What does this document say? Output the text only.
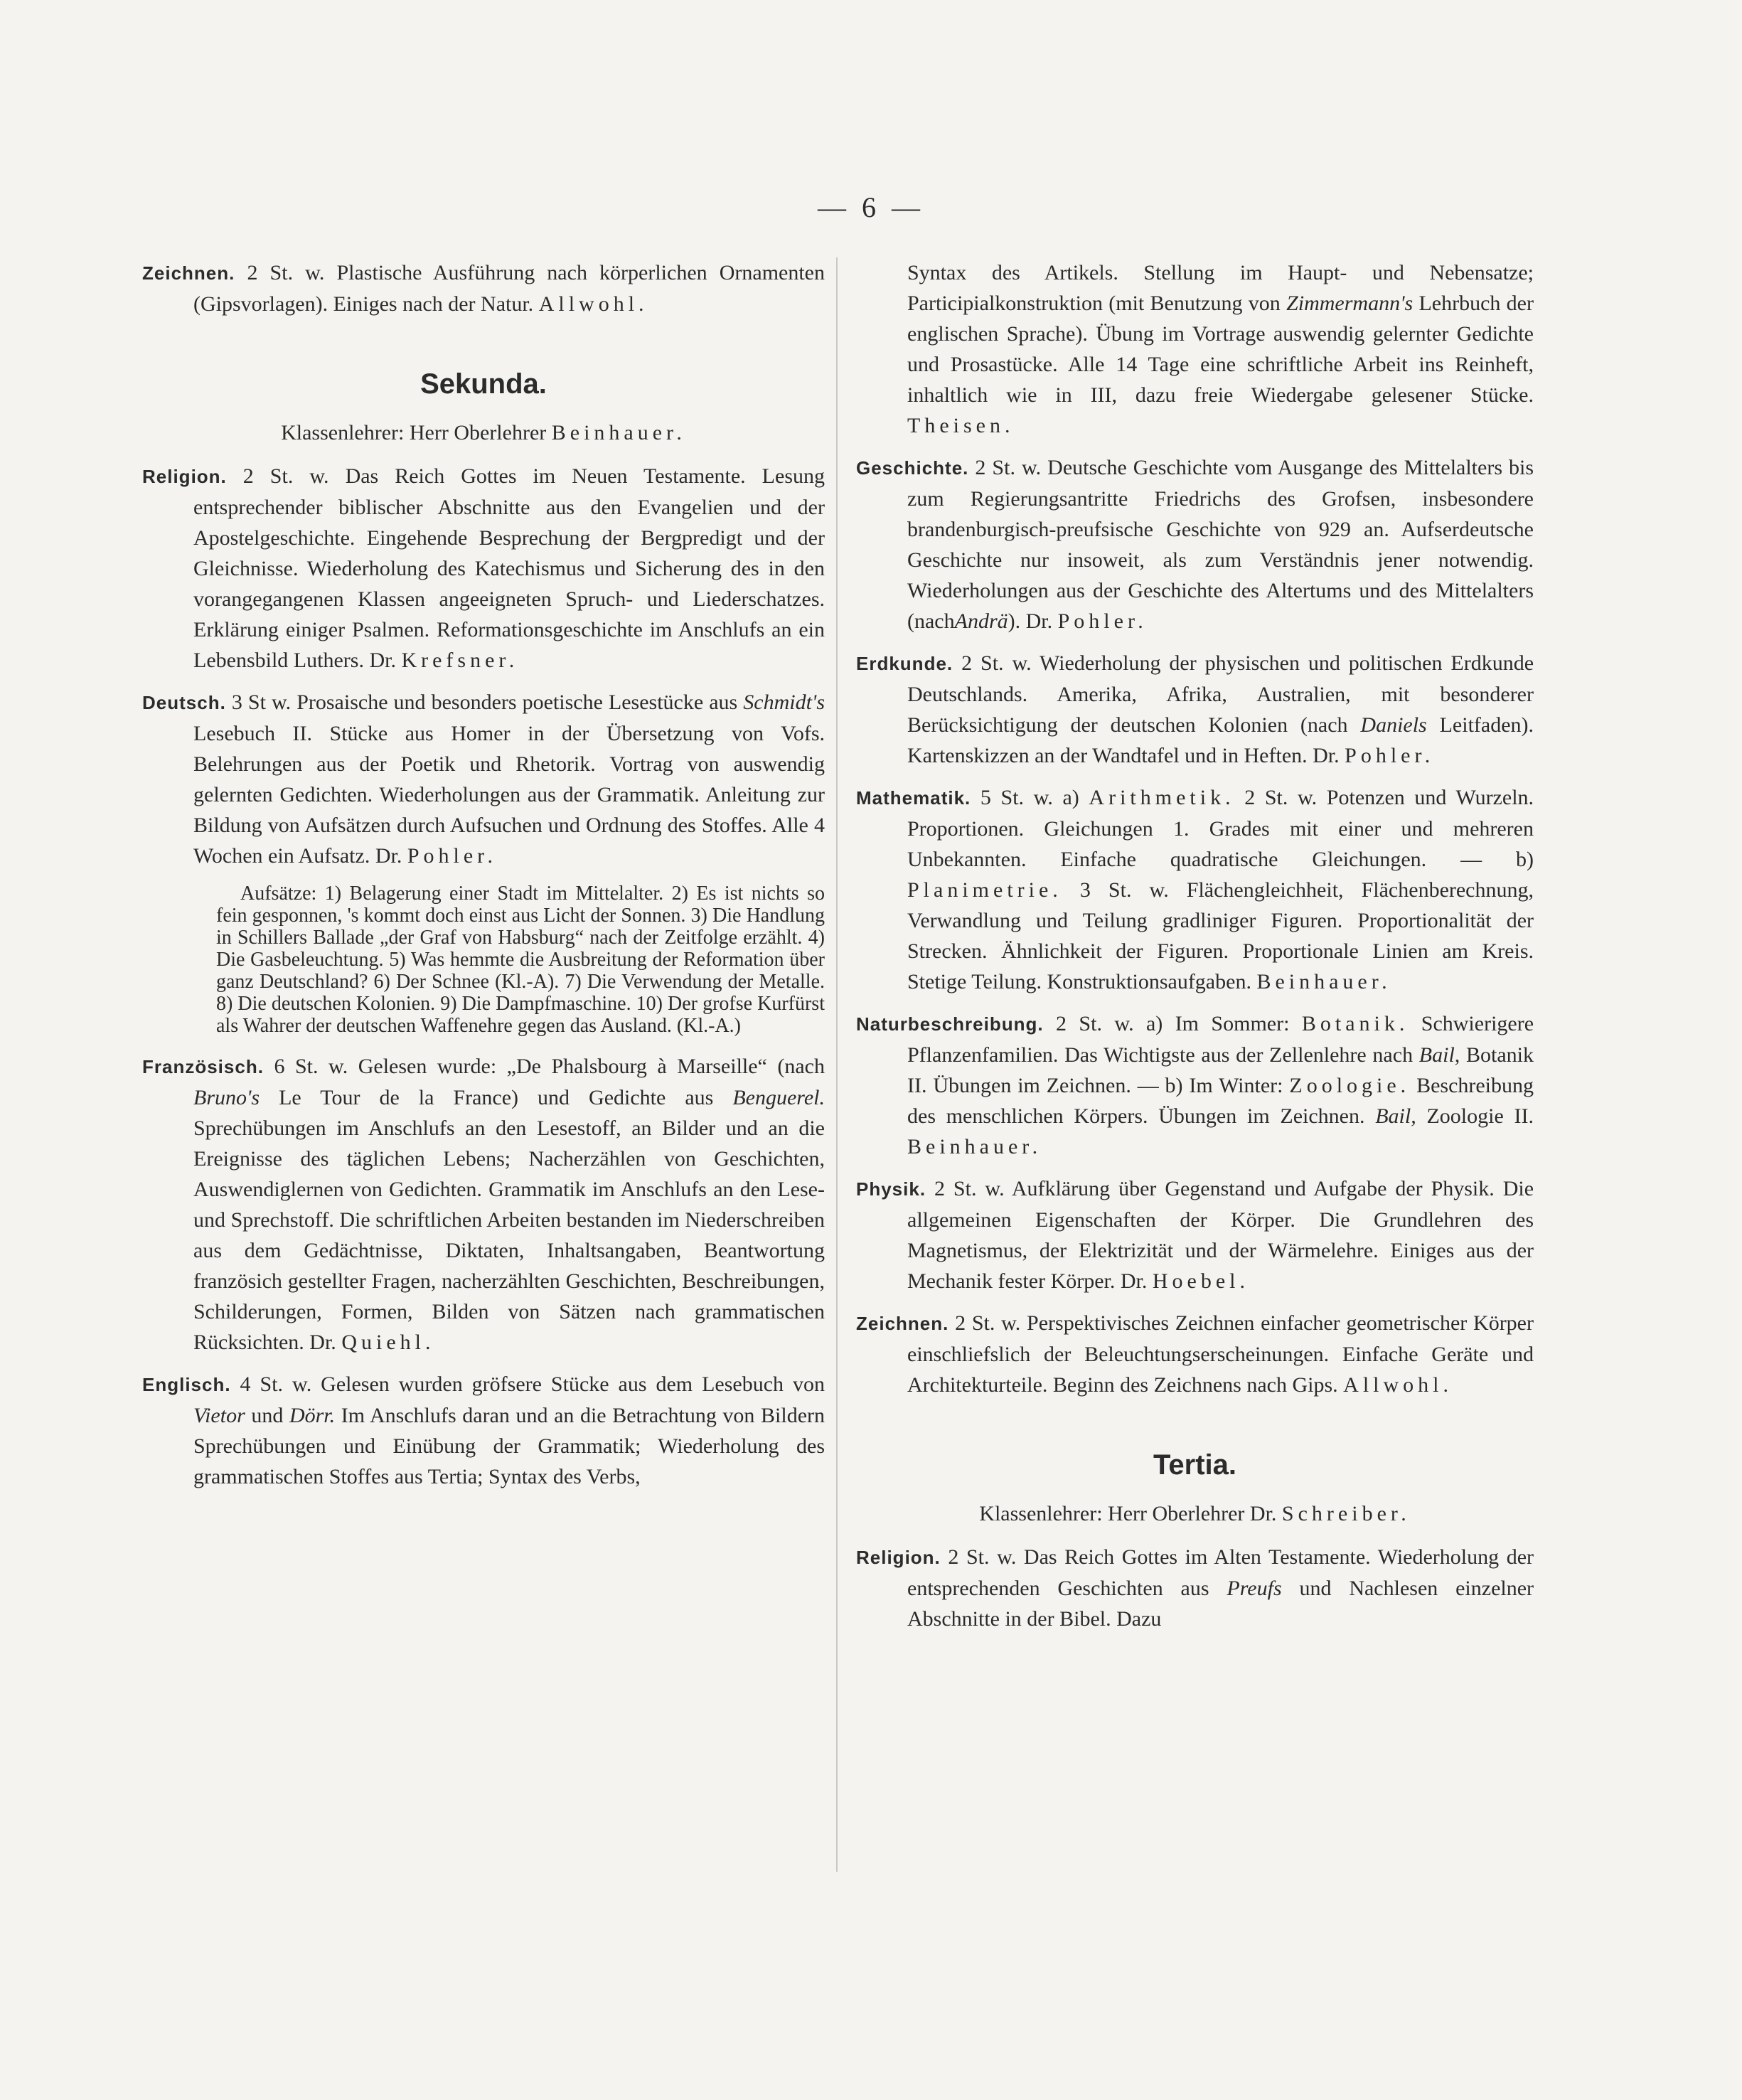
— 6 —

Zeichnen. 2 St. w. Plastische Ausführung nach körperlichen Ornamenten (Gipsvorlagen). Einiges nach der Natur. Allwohl.

Sekunda.

Klassenlehrer: Herr Oberlehrer Beinhauer.

Religion. 2 St. w. Das Reich Gottes im Neuen Testamente. Lesung entsprechender biblischer Abschnitte aus den Evangelien und der Apostelgeschichte. Eingehende Besprechung der Bergpredigt und der Gleichnisse. Wiederholung des Katechismus und Sicherung des in den vorangegangenen Klassen angeeigneten Spruch- und Liederschatzes. Erklärung einiger Psalmen. Reformationsgeschichte im Anschlufs an ein Lebensbild Luthers. Dr. Krefsner.

Deutsch. 3 St w. Prosaische und besonders poetische Lesestücke aus Schmidt's Lesebuch II. Stücke aus Homer in der Übersetzung von Vofs. Belehrungen aus der Poetik und Rhetorik. Vortrag von auswendig gelernten Gedichten. Wiederholungen aus der Grammatik. Anleitung zur Bildung von Aufsätzen durch Aufsuchen und Ordnung des Stoffes. Alle 4 Wochen ein Aufsatz. Dr. Pohler.

Aufsätze: 1) Belagerung einer Stadt im Mittelalter. 2) Es ist nichts so fein gesponnen, 's kommt doch einst aus Licht der Sonnen. 3) Die Handlung in Schillers Ballade „der Graf von Habsburg“ nach der Zeitfolge erzählt. 4) Die Gasbeleuchtung. 5) Was hemmte die Ausbreitung der Reformation über ganz Deutschland? 6) Der Schnee (Kl.-A). 7) Die Verwendung der Metalle. 8) Die deutschen Kolonien. 9) Die Dampfmaschine. 10) Der grofse Kurfürst als Wahrer der deutschen Waffenehre gegen das Ausland. (Kl.-A.)

Französisch. 6 St. w. Gelesen wurde: „De Phalsbourg à Marseille“ (nach Bruno's Le Tour de la France) und Gedichte aus Benguerel. Sprechübungen im Anschlufs an den Lesestoff, an Bilder und an die Ereignisse des täglichen Lebens; Nacherzählen von Geschichten, Auswendiglernen von Gedichten. Grammatik im Anschlufs an den Lese- und Sprechstoff. Die schriftlichen Arbeiten bestanden im Niederschreiben aus dem Gedächtnisse, Diktaten, Inhaltsangaben, Beantwortung französich gestellter Fragen, nacherzählten Geschichten, Beschreibungen, Schilderungen, Formen, Bilden von Sätzen nach grammatischen Rücksichten. Dr. Quiehl.

Englisch. 4 St. w. Gelesen wurden gröfsere Stücke aus dem Lesebuch von Vietor und Dörr. Im Anschlufs daran und an die Betrachtung von Bildern Sprechübungen und Einübung der Grammatik; Wiederholung des grammatischen Stoffes aus Tertia; Syntax des Verbs,

Syntax des Artikels. Stellung im Haupt- und Nebensatze; Participialkonstruktion (mit Benutzung von Zimmermann's Lehrbuch der englischen Sprache). Übung im Vortrage auswendig gelernter Gedichte und Prosastücke. Alle 14 Tage eine schriftliche Arbeit ins Reinheft, inhaltlich wie in III, dazu freie Wiedergabe gelesener Stücke. Theisen.

Geschichte. 2 St. w. Deutsche Geschichte vom Ausgange des Mittelalters bis zum Regierungsantritte Friedrichs des Grofsen, insbesondere brandenburgisch-preufsische Geschichte von 929 an. Aufserdeutsche Geschichte nur insoweit, als zum Verständnis jener notwendig. Wiederholungen aus der Geschichte des Altertums und des Mittelalters (nachAndrä). Dr. Pohler.

Erdkunde. 2 St. w. Wiederholung der physischen und politischen Erdkunde Deutschlands. Amerika, Afrika, Australien, mit besonderer Berücksichtigung der deutschen Kolonien (nach Daniels Leitfaden). Kartenskizzen an der Wandtafel und in Heften. Dr. Pohler.

Mathematik. 5 St. w. a) Arithmetik. 2 St. w. Potenzen und Wurzeln. Proportionen. Gleichungen 1. Grades mit einer und mehreren Unbekannten. Einfache quadratische Gleichungen. — b) Planimetrie. 3 St. w. Flächengleichheit, Flächenberechnung, Verwandlung und Teilung gradliniger Figuren. Proportionalität der Strecken. Ähnlichkeit der Figuren. Proportionale Linien am Kreis. Stetige Teilung. Konstruktionsaufgaben. Beinhauer.

Naturbeschreibung. 2 St. w. a) Im Sommer: Botanik. Schwierigere Pflanzenfamilien. Das Wichtigste aus der Zellenlehre nach Bail, Botanik II. Übungen im Zeichnen. — b) Im Winter: Zoologie. Beschreibung des menschlichen Körpers. Übungen im Zeichnen. Bail, Zoologie II. Beinhauer.

Physik. 2 St. w. Aufklärung über Gegenstand und Aufgabe der Physik. Die allgemeinen Eigenschaften der Körper. Die Grundlehren des Magnetismus, der Elektrizität und der Wärmelehre. Einiges aus der Mechanik fester Körper. Dr. Hoebel.

Zeichnen. 2 St. w. Perspektivisches Zeichnen einfacher geometrischer Körper einschliefslich der Beleuchtungserscheinungen. Einfache Geräte und Architekturteile. Beginn des Zeichnens nach Gips. Allwohl.

Tertia.

Klassenlehrer: Herr Oberlehrer Dr. Schreiber.

Religion. 2 St. w. Das Reich Gottes im Alten Testamente. Wiederholung der entsprechenden Geschichten aus Preufs und Nachlesen einzelner Abschnitte in der Bibel. Dazu
